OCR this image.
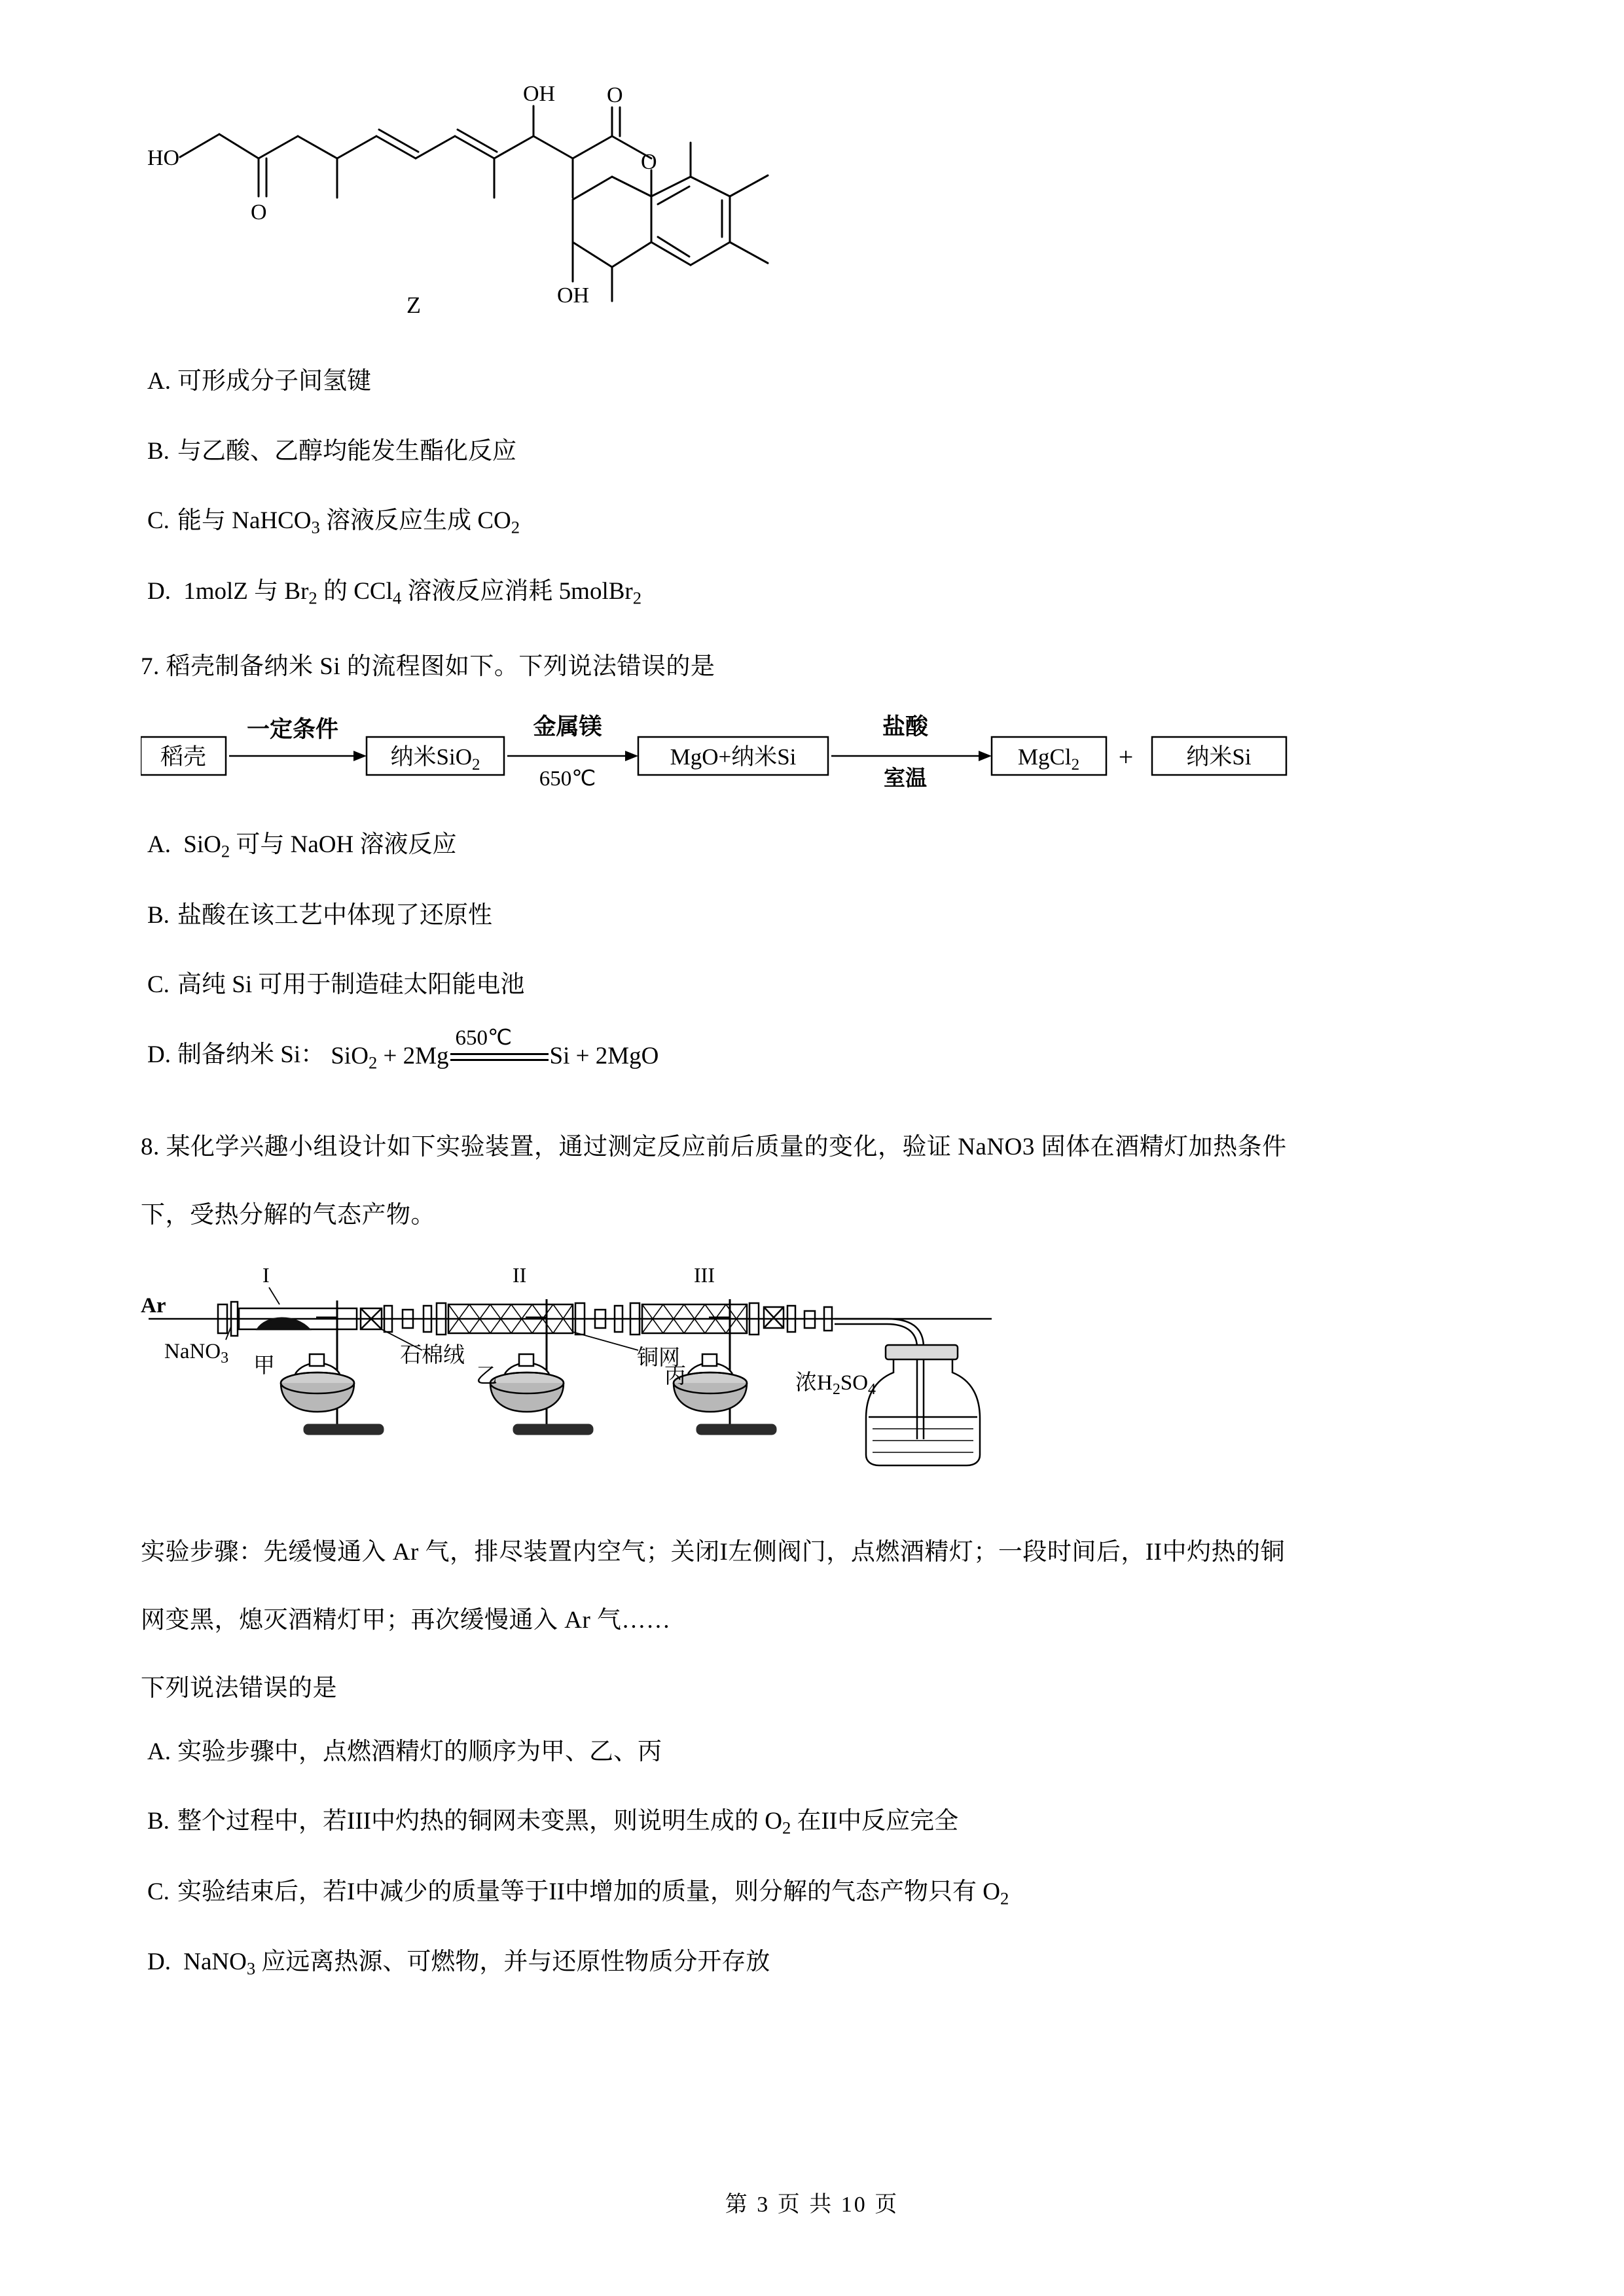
HO
O
OH O
O
OH
Z

A. 可形成分子间氢键

B. 与乙酸、乙醇均能发生酯化反应

C. 能与 NaHCO$_3$ 溶液反应生成 $CO_2$

D. 1molZ 与 $Br_2$ 的 CCl$_4$ 溶液反应消耗 5molBr$_2$

7. 稻壳制备纳米 Si 的流程图如下。下列说法错误的是

稻壳	纳米SiO$_2$	MgO+纳米Si	MgCl$_2$	纳米Si
+
一定条件	金属镁	盐酸
650℃	室温

A. SiO$_2$ 可与 NaOH 溶液反应

B. 盐酸在该工艺中体现了还原性

C. 高纯 Si 可用于制造硅太阳能电池

D. 制备纳米 Si： SiO$_2$ + 2Mg
650℃
Si + 2MgO

8. 某化学兴趣小组设计如下实验装置，通过测定反应前后质量的变化，验证 NaNO3 固体在酒精灯加热条件

下，受热分解的气态产物。

Ar
NaNO$_3$
I	II	III
石棉绒	铜网
甲	乙	丙	浓$H_2SO_4$

实验步骤：先缓慢通入 Ar 气，排尽装置内空气；关闭I左侧阀门，点燃酒精灯；一段时间后，II中灼热的铜

网变黑，熄灭酒精灯甲；再次缓慢通入 Ar 气……

下列说法错误的是

A. 实验步骤中，点燃酒精灯的顺序为甲、乙、丙

B. 整个过程中，若III中灼热的铜网未变黑，则说明生成的 $O_2$ 在II中反应完全

C. 实验结束后，若I中减少的质量等于II中增加的质量，则分解的气态产物只有 $O_2$

D. NaNO$_3$ 应远离热源、可燃物，并与还原性物质分开存放

第 3 页 共 10 页
